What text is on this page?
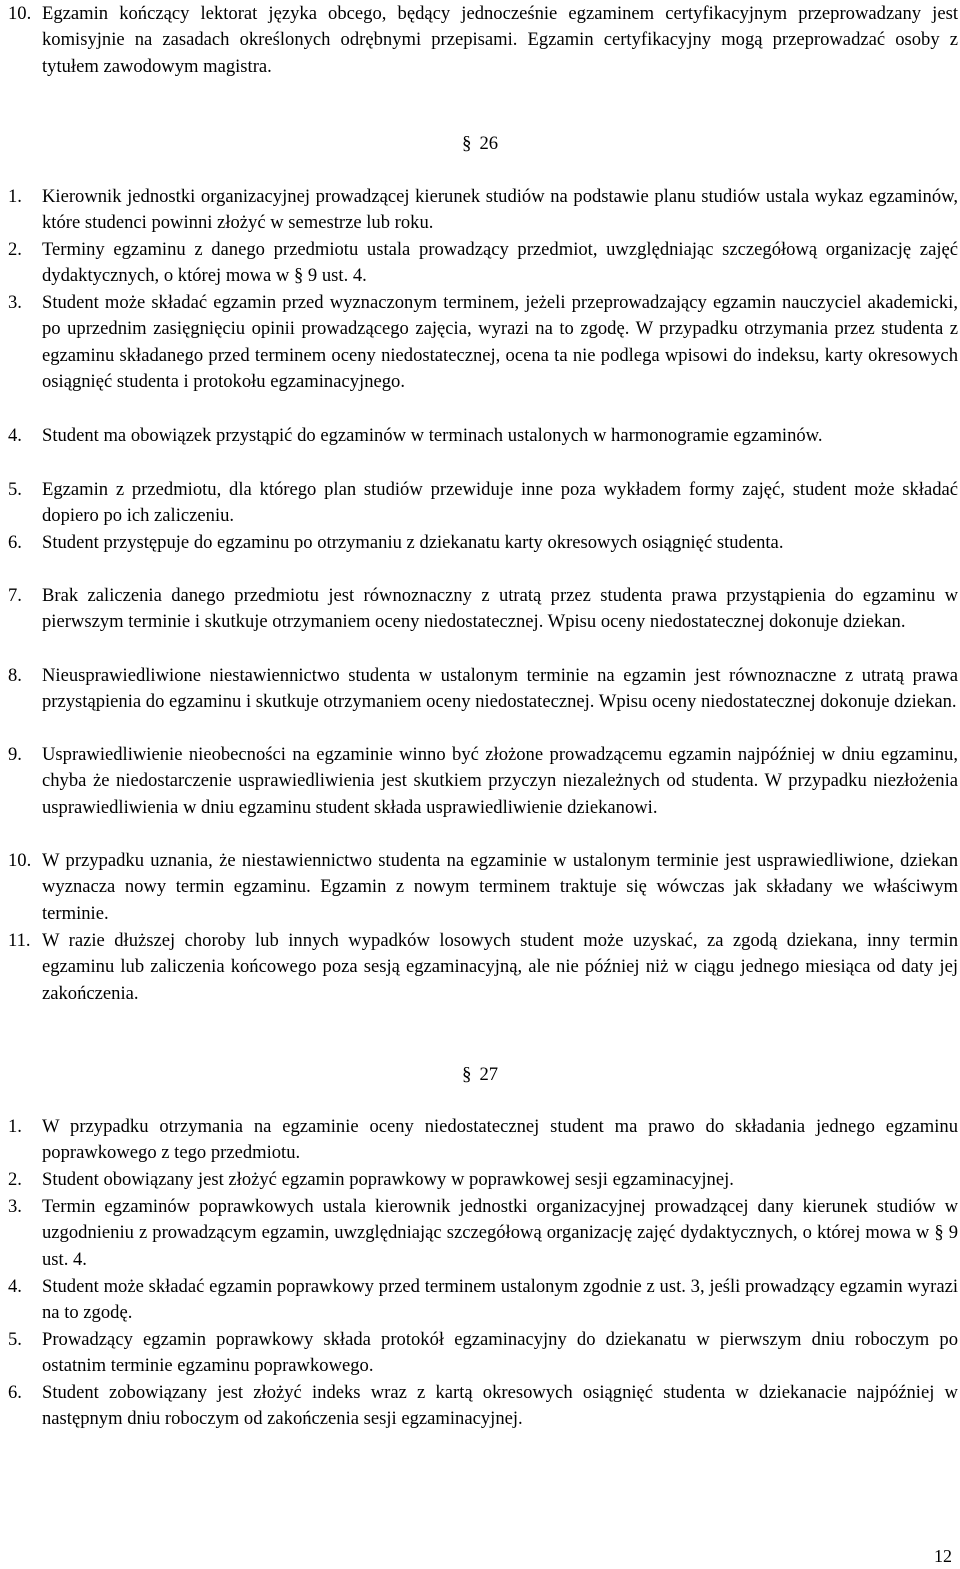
10. Egzamin kończący lektorat języka obcego, będący jednocześnie egzaminem certyfikacyjnym przeprowadzany jest komisyjnie na zasadach określonych odrębnymi przepisami. Egzamin certyfikacyjny mogą przeprowadzać osoby z tytułem zawodowym magistra.
§ 26
1.	Kierownik jednostki organizacyjnej prowadzącej kierunek studiów na podstawie planu studiów ustala wykaz egzaminów, które studenci powinni złożyć w semestrze lub roku.
2.	Terminy egzaminu z danego przedmiotu ustala prowadzący przedmiot, uwzględniając szczegółową organizację zajęć dydaktycznych, o której mowa w § 9 ust. 4.
3.	Student może składać egzamin przed wyznaczonym terminem, jeżeli przeprowadzający egzamin nauczyciel akademicki, po uprzednim zasięgnięciu opinii prowadzącego zajęcia, wyrazi na to zgodę. W przypadku otrzymania przez studenta z egzaminu składanego przed terminem oceny niedostatecznej, ocena ta nie podlega wpisowi do indeksu, karty okresowych osiągnięć studenta i protokołu egzaminacyjnego.
4.	Student ma obowiązek przystąpić do egzaminów w terminach ustalonych w harmonogramie egzaminów.
5.	Egzamin z przedmiotu, dla którego plan studiów przewiduje inne poza wykładem formy zajęć, student może składać dopiero po ich zaliczeniu.
6.	Student przystępuje do egzaminu po otrzymaniu z dziekanatu karty okresowych osiągnięć studenta.
7.	Brak zaliczenia danego przedmiotu jest równoznaczny z utratą przez studenta prawa przystąpienia do egzaminu w pierwszym terminie i skutkuje otrzymaniem oceny niedostatecznej. Wpisu oceny niedostatecznej dokonuje dziekan.
8.	Nieusprawiedliwione niestawiennictwo studenta w ustalonym terminie na egzamin jest równoznaczne z utratą prawa przystąpienia do egzaminu i skutkuje otrzymaniem oceny niedostatecznej. Wpisu oceny niedostatecznej dokonuje dziekan.
9.	Usprawiedliwienie nieobecności na egzaminie winno być złożone prowadzącemu egzamin najpóźniej w dniu egzaminu, chyba że niedostarczenie usprawiedliwienia jest skutkiem przyczyn niezależnych od studenta. W przypadku niezłożenia usprawiedliwienia w dniu egzaminu student składa usprawiedliwienie dziekanowi.
10. W przypadku uznania, że niestawiennictwo studenta na egzaminie w ustalonym terminie jest usprawiedliwione, dziekan wyznacza nowy termin egzaminu. Egzamin z nowym terminem traktuje się wówczas jak składany we właściwym terminie.
11. W razie dłuższej choroby lub innych wypadków losowych student może uzyskać, za zgodą dziekana, inny termin egzaminu lub zaliczenia końcowego poza sesją egzaminacyjną, ale nie później niż w ciągu jednego miesiąca od daty jej zakończenia.
§ 27
1.	W przypadku otrzymania na egzaminie oceny niedostatecznej student ma prawo do składania jednego egzaminu poprawkowego z tego przedmiotu.
2.	Student obowiązany jest złożyć egzamin poprawkowy w poprawkowej sesji egzaminacyjnej.
3.	Termin egzaminów poprawkowych ustala kierownik jednostki organizacyjnej prowadzącej dany kierunek studiów w uzgodnieniu z prowadzącym egzamin, uwzględniając szczegółową organizację zajęć dydaktycznych, o której mowa w § 9 ust. 4.
4.	Student może składać egzamin poprawkowy przed terminem ustalonym zgodnie z ust. 3, jeśli prowadzący egzamin wyrazi na to zgodę.
5.	Prowadzący egzamin poprawkowy składa protokół egzaminacyjny do dziekanatu w pierwszym dniu roboczym po ostatnim terminie egzaminu poprawkowego.
6.	Student zobowiązany jest złożyć indeks wraz z kartą okresowych osiągnięć studenta w dziekanacie najpóźniej w następnym dniu roboczym od zakończenia sesji egzaminacyjnej.
12
